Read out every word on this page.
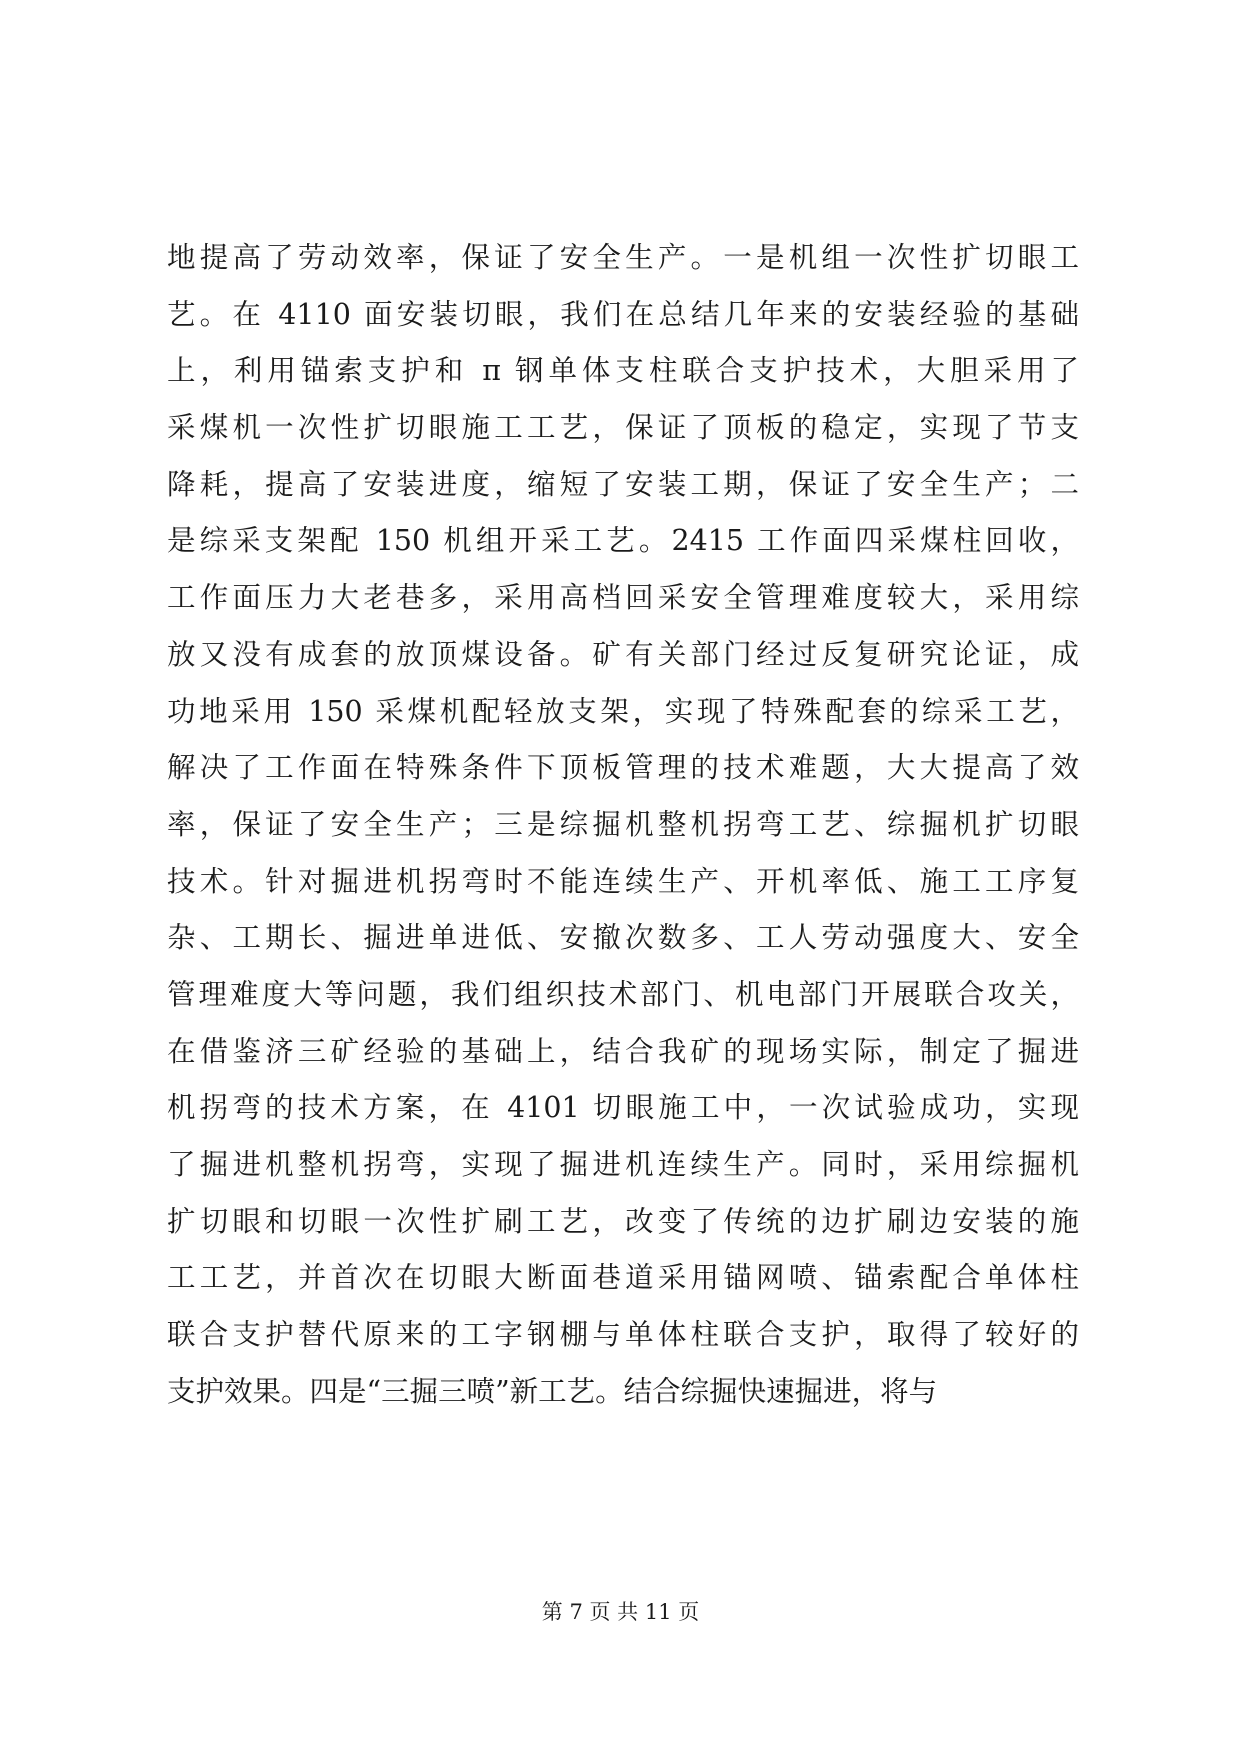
地提高了劳动效率，保证了安全生产。一是机组一次性扩切眼工
艺。在 4110 面安装切眼，我们在总结几年来的安装经验的基础
上，利用锚索支护和 π 钢单体支柱联合支护技术，大胆采用了
采煤机一次性扩切眼施工工艺，保证了顶板的稳定，实现了节支
降耗，提高了安装进度，缩短了安装工期，保证了安全生产；二
是综采支架配 150 机组开采工艺。2415 工作面四采煤柱回收，
工作面压力大老巷多，采用高档回采安全管理难度较大，采用综
放又没有成套的放顶煤设备。矿有关部门经过反复研究论证，成
功地采用 150 采煤机配轻放支架，实现了特殊配套的综采工艺，
解决了工作面在特殊条件下顶板管理的技术难题，大大提高了效
率，保证了安全生产；三是综掘机整机拐弯工艺、综掘机扩切眼
技术。针对掘进机拐弯时不能连续生产、开机率低、施工工序复
杂、工期长、掘进单进低、安撤次数多、工人劳动强度大、安全
管理难度大等问题，我们组织技术部门、机电部门开展联合攻关，
在借鉴济三矿经验的基础上，结合我矿的现场实际，制定了掘进
机拐弯的技术方案，在 4101 切眼施工中，一次试验成功，实现
了掘进机整机拐弯，实现了掘进机连续生产。同时，采用综掘机
扩切眼和切眼一次性扩刷工艺，改变了传统的边扩刷边安装的施
工工艺，并首次在切眼大断面巷道采用锚网喷、锚索配合单体柱
联合支护替代原来的工字钢棚与单体柱联合支护，取得了较好的
支护效果。四是“三掘三喷”新工艺。结合综掘快速掘进，将与
第 7 页 共 11 页
